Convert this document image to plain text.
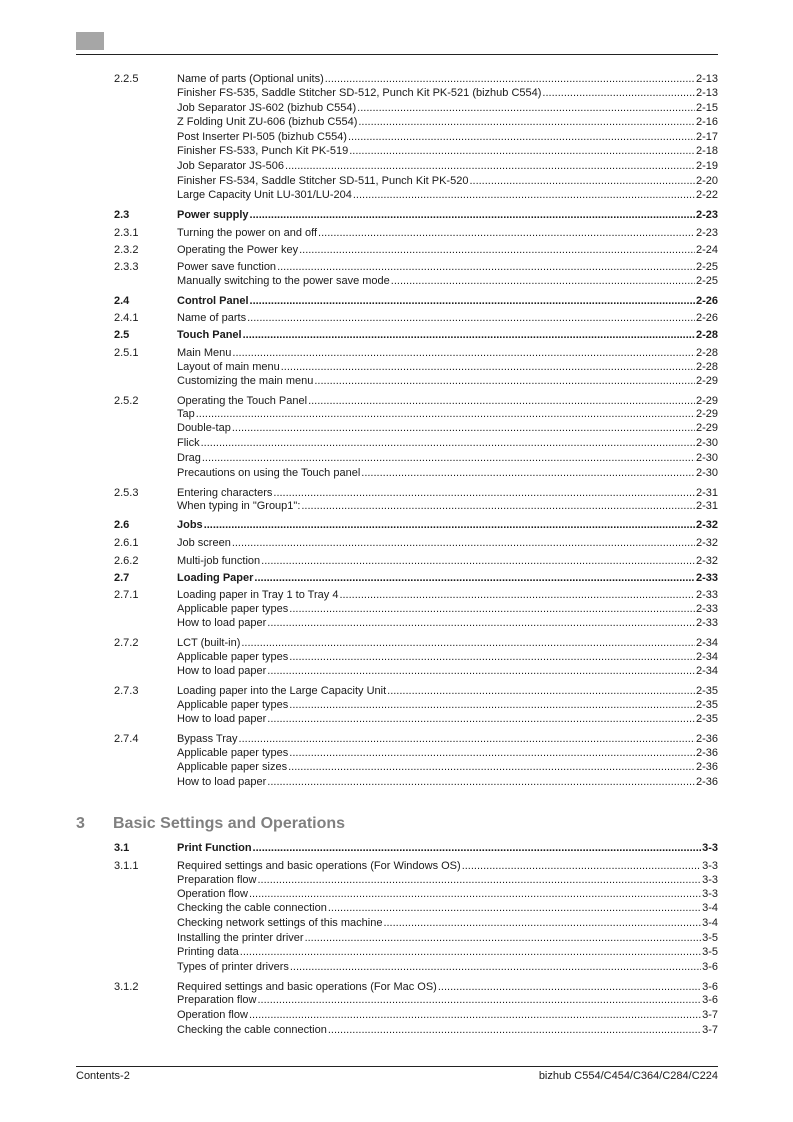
2.2.5	Name of parts (Optional units) .....	2-13
Finisher FS-535, Saddle Stitcher SD-512, Punch Kit PK-521 (bizhub C554) .....	2-13
Job Separator JS-602 (bizhub C554) .....	2-15
Z Folding Unit ZU-606 (bizhub C554) .....	2-16
Post Inserter PI-505 (bizhub C554) .....	2-17
Finisher FS-533, Punch Kit PK-519 .....	2-18
Job Separator JS-506 .....	2-19
Finisher FS-534, Saddle Stitcher SD-511, Punch Kit PK-520 .....	2-20
Large Capacity Unit LU-301/LU-204 .....	2-22
2.3	Power supply .....	2-23
2.3.1	Turning the power on and off .....	2-23
2.3.2	Operating the Power key .....	2-24
2.3.3	Power save function .....	2-25
Manually switching to the power save mode .....	2-25
2.4	Control Panel .....	2-26
2.4.1	Name of parts .....	2-26
2.5	Touch Panel .....	2-28
2.5.1	Main Menu .....	2-28
Layout of main menu .....	2-28
Customizing the main menu .....	2-29
2.5.2	Operating the Touch Panel .....	2-29
Tap .....	2-29
Double-tap .....	2-29
Flick .....	2-30
Drag .....	2-30
Precautions on using the Touch panel .....	2-30
2.5.3	Entering characters .....	2-31
When typing in "Group1": .....	2-31
2.6	Jobs .....	2-32
2.6.1	Job screen .....	2-32
2.6.2	Multi-job function .....	2-32
2.7	Loading Paper .....	2-33
2.7.1	Loading paper in Tray 1 to Tray 4 .....	2-33
Applicable paper types .....	2-33
How to load paper .....	2-33
2.7.2	LCT (built-in) .....	2-34
Applicable paper types .....	2-34
How to load paper .....	2-34
2.7.3	Loading paper into the Large Capacity Unit .....	2-35
Applicable paper types .....	2-35
How to load paper .....	2-35
2.7.4	Bypass Tray .....	2-36
Applicable paper types .....	2-36
Applicable paper sizes .....	2-36
How to load paper .....	2-36
3 Basic Settings and Operations
3.1	Print Function .....	3-3
3.1.1	Required settings and basic operations (For Windows OS) .....	3-3
Preparation flow .....	3-3
Operation flow .....	3-3
Checking the cable connection .....	3-4
Checking network settings of this machine .....	3-4
Installing the printer driver .....	3-5
Printing data .....	3-5
Types of printer drivers .....	3-6
3.1.2	Required settings and basic operations (For Mac OS) .....	3-6
Preparation flow .....	3-6
Operation flow .....	3-7
Checking the cable connection .....	3-7
Contents-2	bizhub C554/C454/C364/C284/C224
